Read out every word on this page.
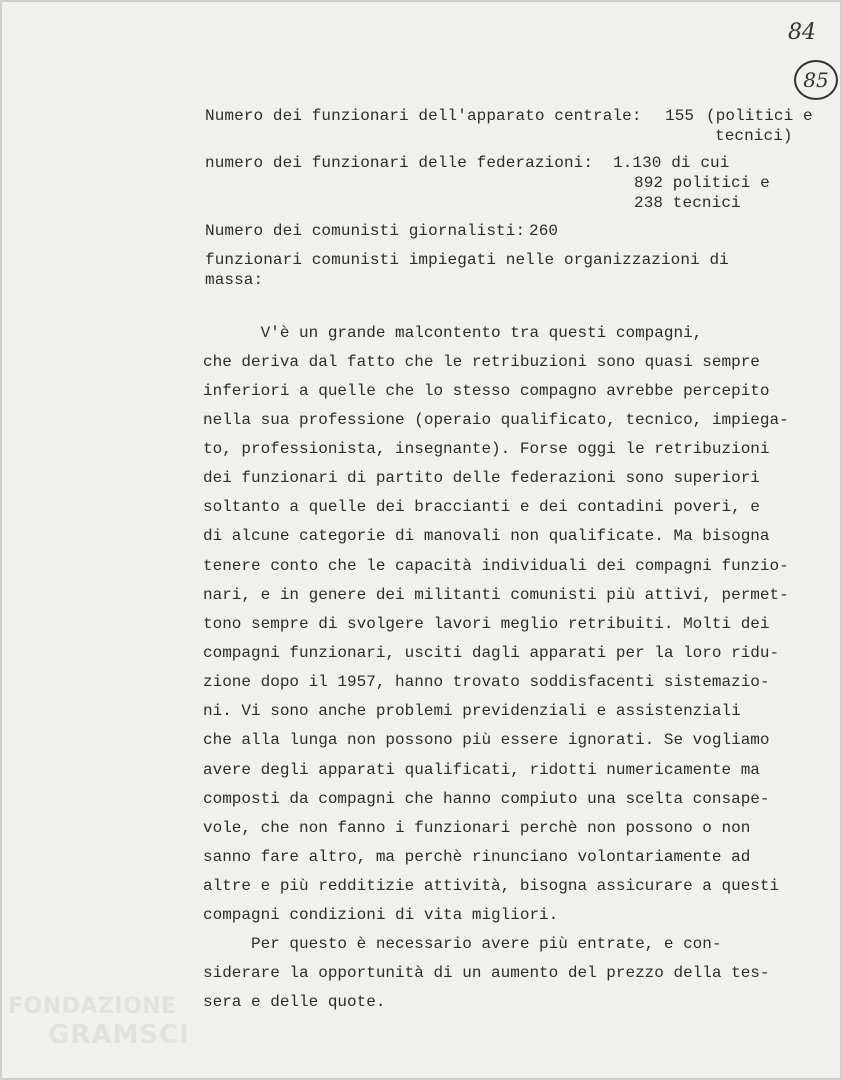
84
85
Numero dei funzionari dell'apparato centrale: 155 (politici e
tecnici)
numero dei funzionari delle federazioni: 1.130 di cui
892 politici e
238 tecnici
Numero dei comunisti giornalisti: 260
funzionari comunisti impiegati nelle organizzazioni di
massa:
V'è un grande malcontento tra questi compagni,
che deriva dal fatto che le retribuzioni sono quasi sempre
inferiori a quelle che lo stesso compagno avrebbe percepito
nella sua professione (operaio qualificato, tecnico, impiega-
to, professionista, insegnante). Forse oggi le retribuzioni
dei funzionari di partito delle federazioni sono superiori
soltanto a quelle dei braccianti e dei contadini poveri, e
di alcune categorie di manovali non qualificate. Ma bisogna
tenere conto che le capacità individuali dei compagni funzio-
nari, e in genere dei militanti comunisti più attivi, permet-
tono sempre di svolgere lavori meglio retribuiti. Molti dei
compagni funzionari, usciti dagli apparati per la loro ridu-
zione dopo il 1957, hanno trovato soddisfacenti sistemazio-
ni. Vi sono anche problemi previdenziali e assistenziali
che alla lunga non possono più essere ignorati. Se vogliamo
avere degli apparati qualificati, ridotti numericamente ma
composti da compagni che hanno compiuto una scelta consape-
vole, che non fanno i funzionari perchè non possono o non
sanno fare altro, ma perchè rinunciano volontariamente ad
altre e più redditizie attività, bisogna assicurare a questi
compagni condizioni di vita migliori.
Per questo è necessario avere più entrate, e con-
siderare la opportunità di un aumento del prezzo della tes-
sera e delle quote.
FONDAZIONE
GRAMSCI
